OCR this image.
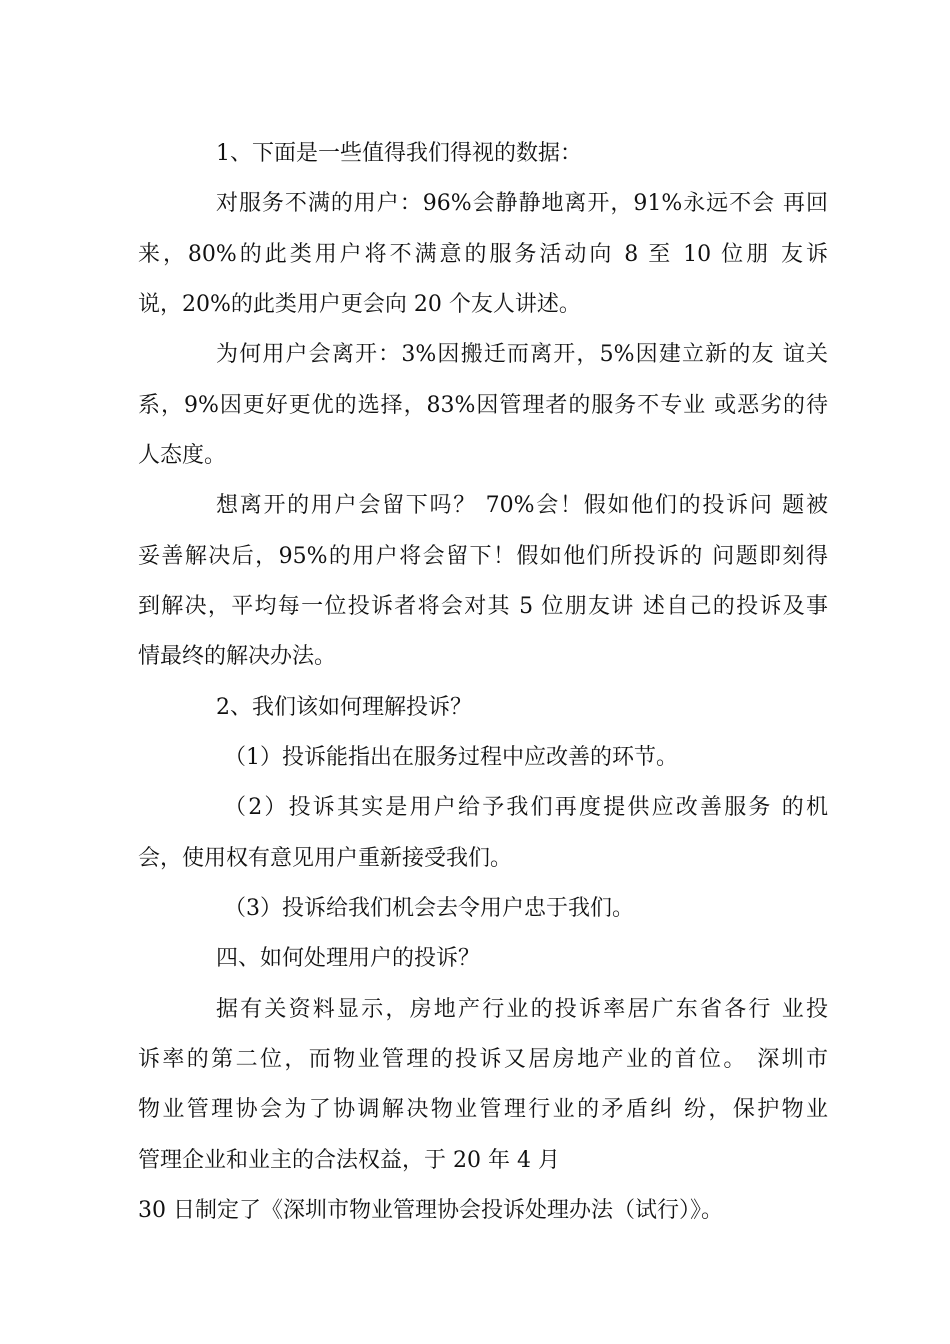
1、下面是一些值得我们得视的数据：
对服务不满的用户：96%会静静地离开，91%永远不会 再回
来，80%的此类用户将不满意的服务活动向 8 至 10 位朋 友诉
说，20%的此类用户更会向 20 个友人讲述。
为何用户会离开：3%因搬迁而离开，5%因建立新的友 谊关
系，9%因更好更优的选择，83%因管理者的服务不专业 或恶劣的待
人态度。
想离开的用户会留下吗？ 70%会！假如他们的投诉问 题被
妥善解决后，95%的用户将会留下！假如他们所投诉的 问题即刻得
到解决，平均每一位投诉者将会对其 5 位朋友讲 述自己的投诉及事
情最终的解决办法。
2、我们该如何理解投诉？
（1）投诉能指出在服务过程中应改善的环节。
（2）投诉其实是用户给予我们再度提供应改善服务 的机
会，使用权有意见用户重新接受我们。
（3）投诉给我们机会去令用户忠于我们。
四、如何处理用户的投诉？
据有关资料显示，房地产行业的投诉率居广东省各行 业投
诉率的第二位，而物业管理的投诉又居房地产业的首位。 深圳市
物业管理协会为了协调解决物业管理行业的矛盾纠 纷，保护物业
管理企业和业主的合法权益，于 20 年 4 月
30 日制定了《深圳市物业管理协会投诉处理办法（试行）》。
